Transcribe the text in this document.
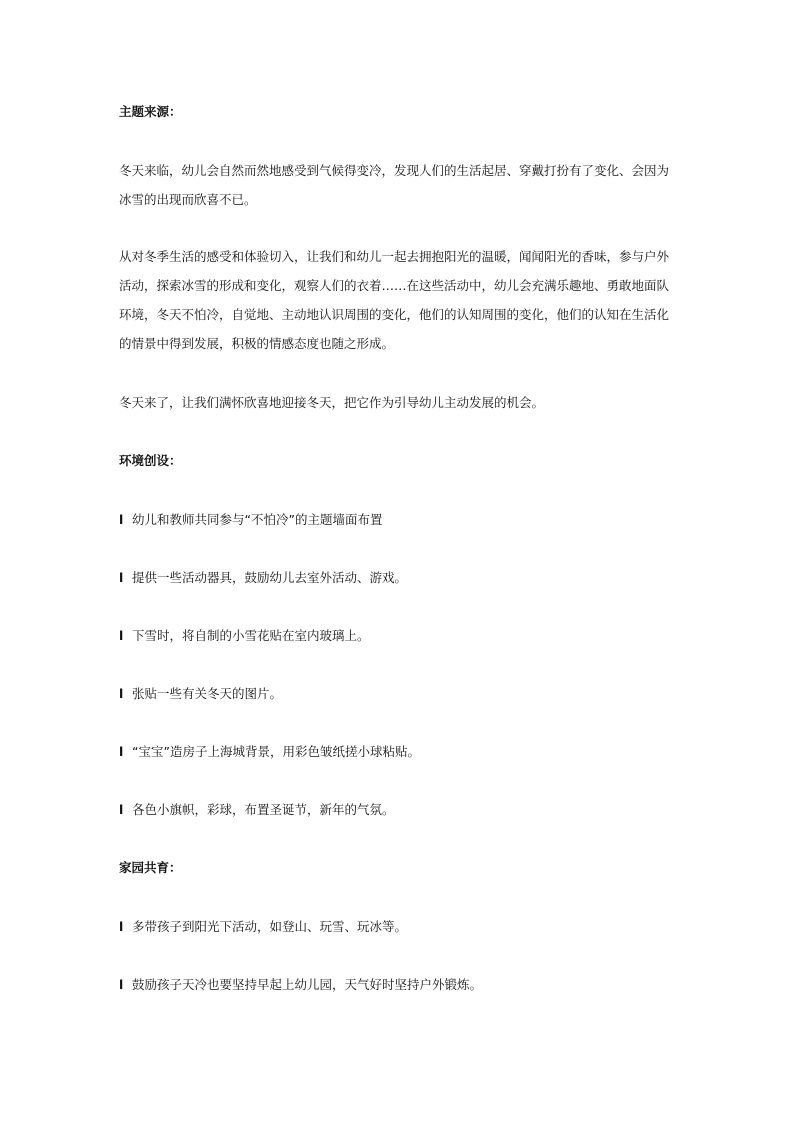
主题来源：

冬天来临，幼儿会自然而然地感受到气候得变冷，发现人们的生活起居、穿戴打扮有了变化、会因为冰雪的出现而欣喜不已。

从对冬季生活的感受和体验切入，让我们和幼儿一起去拥抱阳光的温暖，闻闻阳光的香味，参与户外活动，探索冰雪的形成和变化，观察人们的衣着……在这些活动中，幼儿会充满乐趣地、勇敢地面队环境，冬天不怕冷，自觉地、主动地认识周围的变化，他们的认知周围的变化，他们的认知在生活化的情景中得到发展，积极的情感态度也随之形成。

冬天来了，让我们满怀欣喜地迎接冬天，把它作为引导幼儿主动发展的机会。

环境创设：
l 幼儿和教师共同参与“不怕冷”的主题墙面布置
l 提供一些活动器具，鼓励幼儿去室外活动、游戏。
l 下雪时，将自制的小雪花贴在室内玻璃上。
l 张贴一些有关冬天的图片。
l “宝宝”造房子上海城背景，用彩色皱纸搓小球粘贴。
l 各色小旗帜，彩球，布置圣诞节，新年的气氛。
家园共育：
l 多带孩子到阳光下活动，如登山、玩雪、玩冰等。
l 鼓励孩子天冷也要坚持早起上幼儿园，天气好时坚持户外锻炼。
